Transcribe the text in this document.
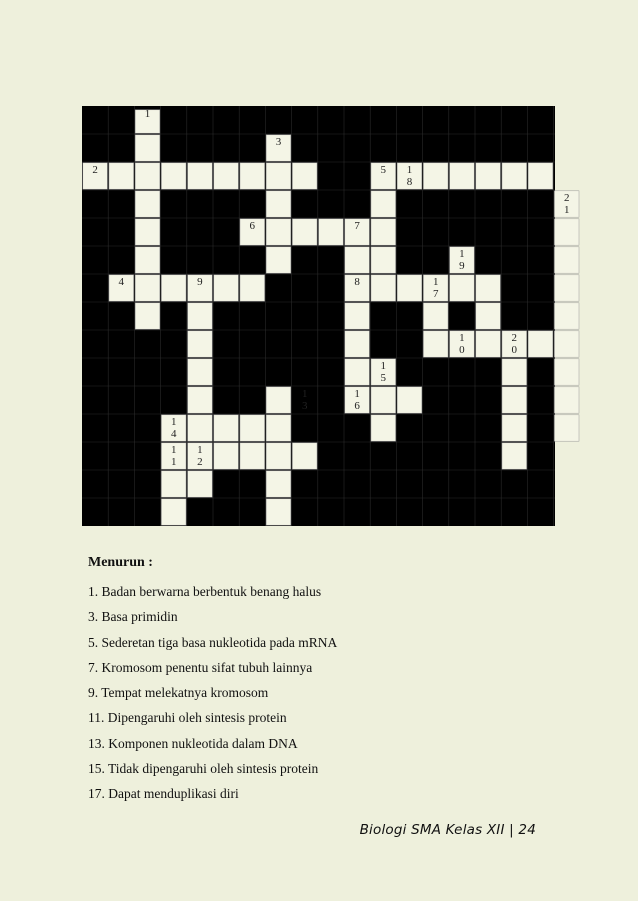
1
3
2	5 1
8
2
1
6	7
1
9
4	9	8	1
7
1
0
2
0
1
5
1
3
1
6
1
4
1
1
1
2
Menurun :
1. Badan berwarna berbentuk benang halus
3. Basa primidin
5. Sederetan tiga basa nukleotida pada mRNA
7. Kromosom penentu sifat tubuh lainnya
9. Tempat melekatnya kromosom
11. Dipengaruhi oleh sintesis protein
13. Komponen nukleotida dalam DNA
15. Tidak dipengaruhi oleh sintesis protein
17. Dapat menduplikasi diri
Biologi SMA Kelas XII | 24
